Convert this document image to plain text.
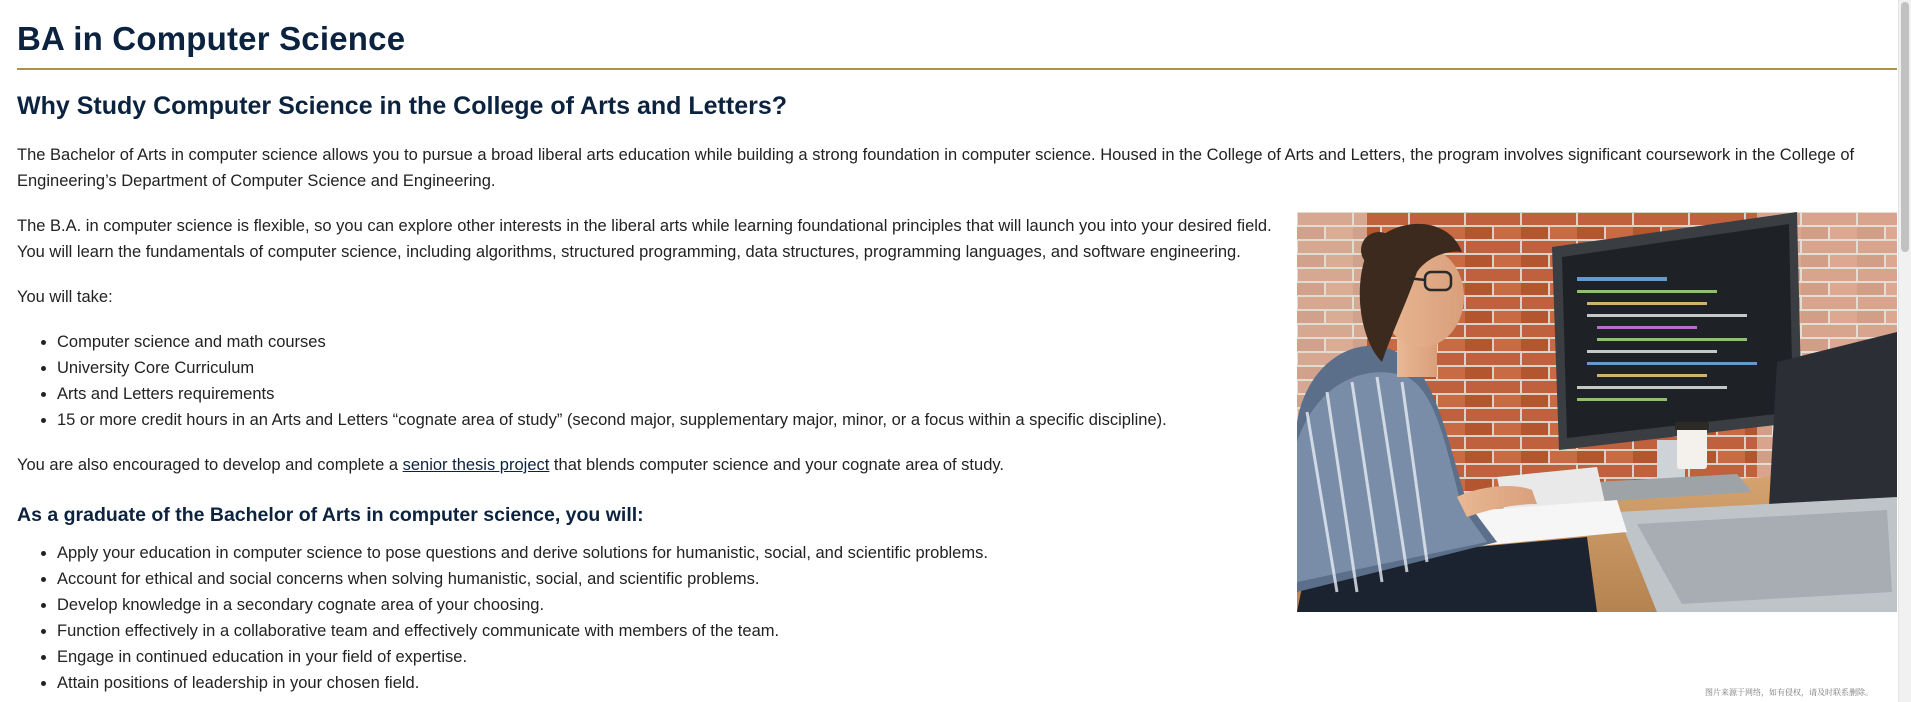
BA in Computer Science
Why Study Computer Science in the College of Arts and Letters?

The Bachelor of Arts in computer science allows you to pursue a broad liberal arts education while building a strong foundation in computer science. Housed in the College of Arts and Letters, the program involves significant coursework in the College of Engineering’s Department of Computer Science and Engineering.

The B.A. in computer science is flexible, so you can explore other interests in the liberal arts while learning foundational principles that will launch you into your desired field. You will learn the fundamentals of computer science, including algorithms, structured programming, data structures, programming languages, and software engineering.

You will take:

• Computer science and math courses
• University Core Curriculum
• Arts and Letters requirements
• 15 or more credit hours in an Arts and Letters “cognate area of study” (second major, supplementary major, minor, or a focus within a specific discipline).

You are also encouraged to develop and complete a senior thesis project that blends computer science and your cognate area of study.

As a graduate of the Bachelor of Arts in computer science, you will:
• Apply your education in computer science to pose questions and derive solutions for humanistic, social, and scientific problems.
• Account for ethical and social concerns when solving humanistic, social, and scientific problems.
• Develop knowledge in a secondary cognate area of your choosing.
• Function effectively in a collaborative team and effectively communicate with members of the team.
• Engage in continued education in your field of expertise.
• Attain positions of leadership in your chosen field.
图片来源于网络，如有侵权，请及时联系删除。
